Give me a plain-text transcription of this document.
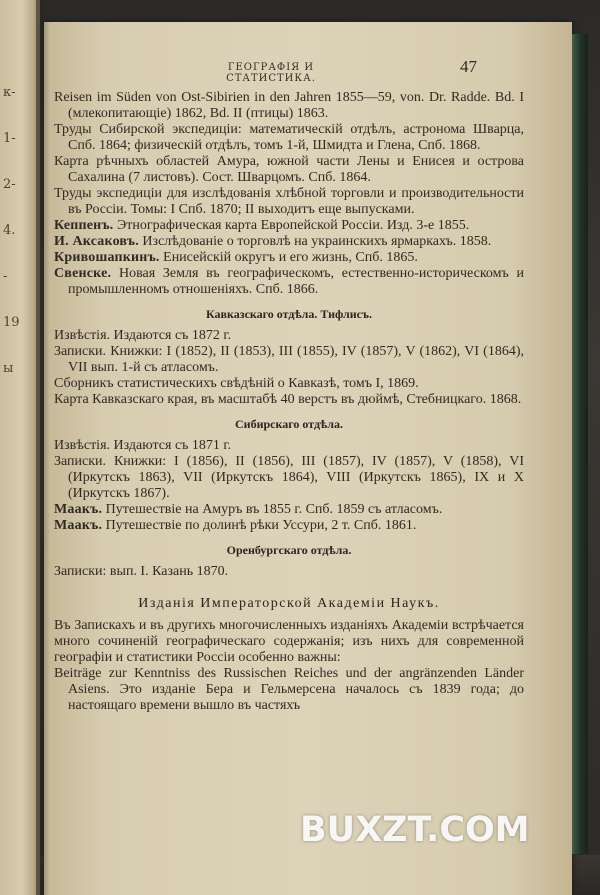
к-
1-
2-
4.
-
19
ы
ГЕОГРАФІЯ И СТАТИСТИКА.
47

Reisen im Süden von Ost-Sibirien in den Jahren 1855—59, von. Dr. Radde. Bd. I (млекопитающіе) 1862, Bd. II (птицы) 1863.

Труды Сибирской экспедиціи: математическій отдѣлъ, астронома Шварца, Спб. 1864; физическій отдѣлъ, томъ 1-й, Шмидта и Глена, Спб. 1868.

Карта рѣчныхъ областей Амура, южной части Лены и Енисея и острова Сахалина (7 листовъ). Сост. Шварцомъ. Спб. 1864.

Труды экспедиціи для изслѣдованія хлѣбной торговли и производительности въ Россіи. Томы: I Спб. 1870; II выходитъ еще выпусками.

Кеппенъ. Этнографическая карта Европейской Россіи. Изд. 3-е 1855.

И. Аксаковъ. Изслѣдованіе о торговлѣ на украинскихъ ярмаркахъ. 1858.

Кривошапкинъ. Енисейскій округъ и его жизнь, Спб. 1865.

Свенске. Новая Земля въ географическомъ, естественно-историческомъ и промышленномъ отношеніяхъ. Спб. 1866.

Кавказскаго отдѣла. Тифлисъ.

Извѣстія. Издаются съ 1872 г.

Записки. Книжки: I (1852), II (1853), III (1855), IV (1857), V (1862), VI (1864), VII вып. 1-й съ атласомъ.

Сборникъ статистическихъ свѣдѣній о Кавказѣ, томъ I, 1869.

Карта Кавказскаго края, въ масштабѣ 40 верстъ въ дюймѣ, Стебницкаго. 1868.

Сибирскаго отдѣла.

Извѣстія. Издаются съ 1871 г.

Записки. Книжки: I (1856), II (1856), III (1857), IV (1857), V (1858), VI (Иркутскъ 1863), VII (Иркутскъ 1864), VIII (Иркутскъ 1865), IX и X (Иркутскъ 1867).

Маакъ. Путешествіе на Амуръ въ 1855 г. Спб. 1859 съ атласомъ.

Маакъ. Путешествіе по долинѣ рѣки Уссури, 2 т. Спб. 1861.

Оренбургскаго отдѣла.

Записки: вып. I. Казань 1870.

Изданія Императорской Академіи Наукъ.

Въ Запискахъ и въ другихъ многочисленныхъ изданіяхъ Академіи встрѣчается много сочиненій географическаго содержанія; изъ нихъ для современной географіи и статистики Россіи особенно важны:

Beiträge zur Kenntniss des Russischen Reiches und der angränzenden Länder Asiens. Это изданіе Бера и Гельмерсена началось съ 1839 года; до настоящаго времени вышло въ частяхъ

BUXZT.COM
